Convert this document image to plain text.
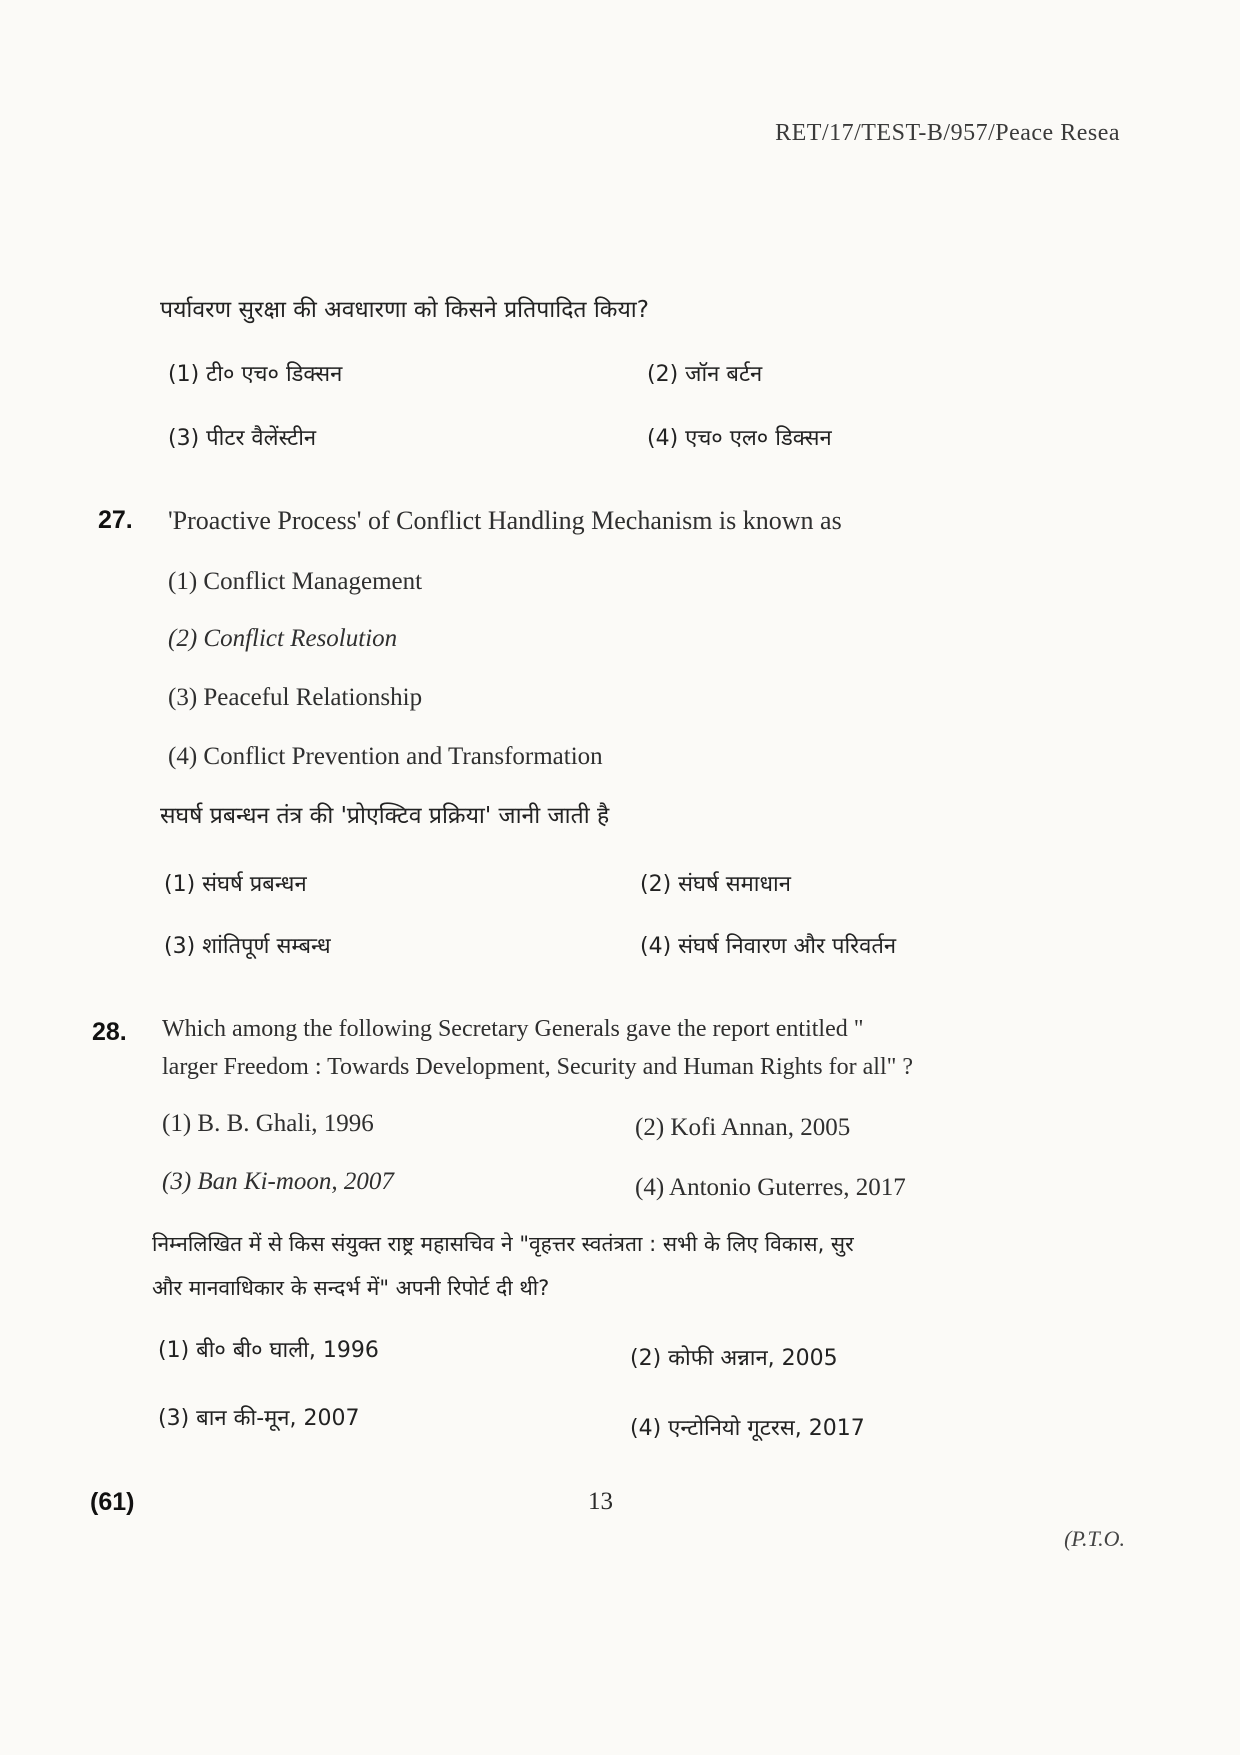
RET/17/TEST-B/957/Peace Resea
पर्यावरण सुरक्षा की अवधारणा को किसने प्रतिपादित किया?
(1) टी० एच० डिक्सन	(2) जॉन बर्टन
(3) पीटर वैलेंस्टीन	(4) एच० एल० डिक्सन
27. 'Proactive Process' of Conflict Handling Mechanism is known as
(1) Conflict Management
(2) Conflict Resolution
(3) Peaceful Relationship
(4) Conflict Prevention and Transformation
सघर्ष प्रबन्धन तंत्र की 'प्रोएक्टिव प्रक्रिया' जानी जाती है
(1) संघर्ष प्रबन्धन	(2) संघर्ष समाधान
(3) शांतिपूर्ण सम्बन्ध	(4) संघर्ष निवारण और परिवर्तन
28. Which among the following Secretary Generals gave the report entitled "
larger Freedom : Towards Development, Security and Human Rights for all" ?
(1) B. B. Ghali, 1996	(2) Kofi Annan, 2005
(3) Ban Ki-moon, 2007	(4) Antonio Guterres, 2017
निम्नलिखित में से किस संयुक्त राष्ट्र महासचिव ने "वृहत्तर स्वतंत्रता : सभी के लिए विकास, सुर
और मानवाधिकार के सन्दर्भ में" अपनी रिपोर्ट दी थी?
(1) बी० बी० घाली, 1996	(2) कोफी अन्नान, 2005
(3) बान की-मून, 2007	(4) एन्टोनियो गूटरस, 2017
(61)	13
(P.T.O.
